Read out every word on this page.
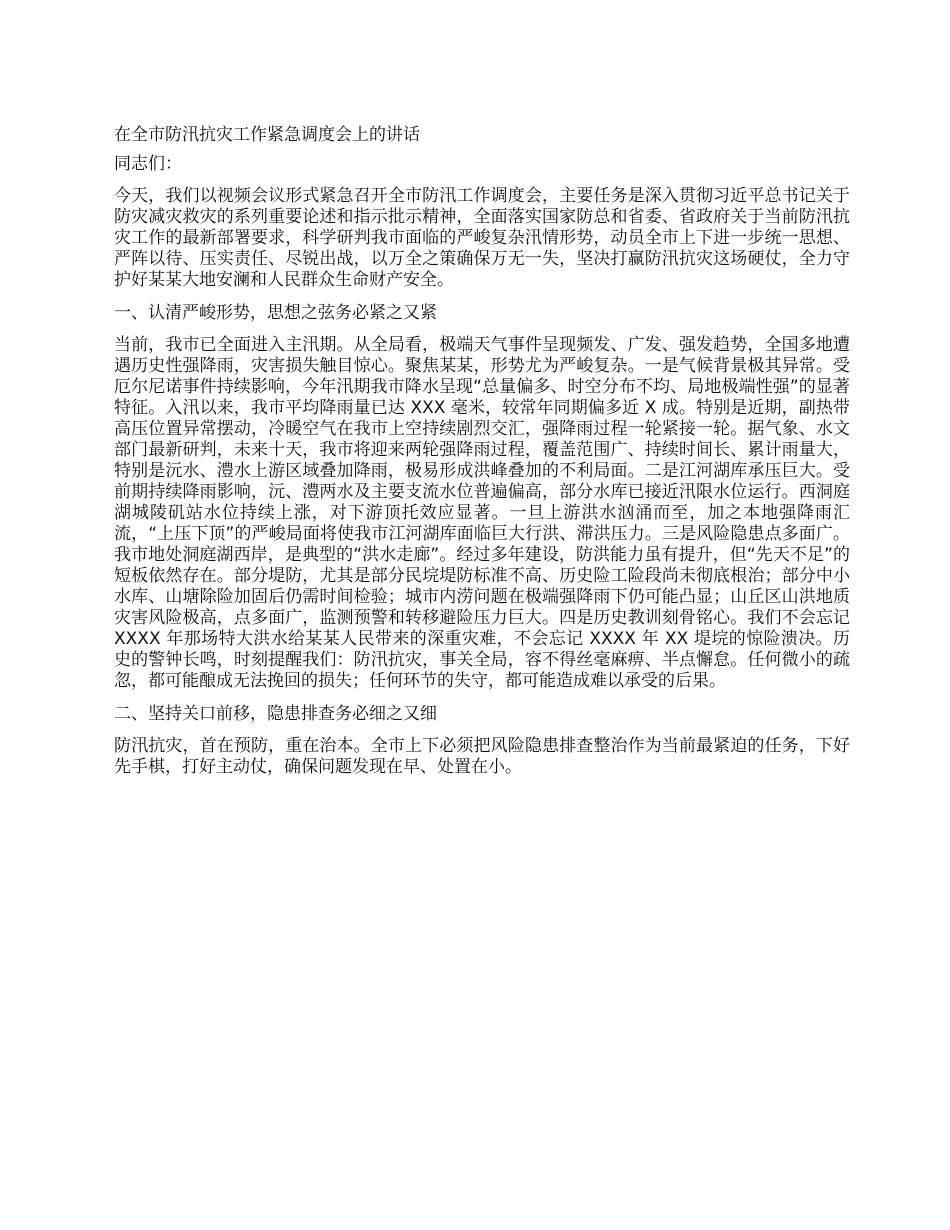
在全市防汛抗灾工作紧急调度会上的讲话
同志们：
今天，我们以视频会议形式紧急召开全市防汛工作调度会，主要任务是深入贯彻习近平总书记关于防灾减灾救灾的系列重要论述和指示批示精神，全面落实国家防总和省委、省政府关于当前防汛抗灾工作的最新部署要求，科学研判我市面临的严峻复杂汛情形势，动员全市上下进一步统一思想、严阵以待、压实责任、尽锐出战，以万全之策确保万无一失，坚决打赢防汛抗灾这场硬仗，全力守护好某某大地安澜和人民群众生命财产安全。
一、认清严峻形势，思想之弦务必紧之又紧
当前，我市已全面进入主汛期。从全局看，极端天气事件呈现频发、广发、强发趋势，全国多地遭遇历史性强降雨，灾害损失触目惊心。聚焦某某，形势尤为严峻复杂。一是气候背景极其异常。受厄尔尼诺事件持续影响，今年汛期我市降水呈现“总量偏多、时空分布不均、局地极端性强”的显著特征。入汛以来，我市平均降雨量已达 XXX 毫米，较常年同期偏多近 X 成。特别是近期，副热带高压位置异常摆动，冷暖空气在我市上空持续剧烈交汇，强降雨过程一轮紧接一轮。据气象、水文部门最新研判，未来十天，我市将迎来两轮强降雨过程，覆盖范围广、持续时间长、累计雨量大，特别是沅水、澧水上游区域叠加降雨，极易形成洪峰叠加的不利局面。二是江河湖库承压巨大。受前期持续降雨影响，沅、澧两水及主要支流水位普遍偏高，部分水库已接近汛限水位运行。西洞庭湖城陵矶站水位持续上涨，对下游顶托效应显著。一旦上游洪水汹涌而至，加之本地强降雨汇流，“上压下顶”的严峻局面将使我市江河湖库面临巨大行洪、滞洪压力。三是风险隐患点多面广。我市地处洞庭湖西岸，是典型的“洪水走廊”。经过多年建设，防洪能力虽有提升，但“先天不足”的短板依然存在。部分堤防，尤其是部分民垸堤防标准不高、历史险工险段尚未彻底根治；部分中小水库、山塘除险加固后仍需时间检验；城市内涝问题在极端强降雨下仍可能凸显；山丘区山洪地质灾害风险极高，点多面广，监测预警和转移避险压力巨大。四是历史教训刻骨铭心。我们不会忘记 XXXX 年那场特大洪水给某某人民带来的深重灾难，不会忘记 XXXX 年 XX 堤垸的惊险溃决。历史的警钟长鸣，时刻提醒我们：防汛抗灾，事关全局，容不得丝毫麻痹、半点懈怠。任何微小的疏忽，都可能酿成无法挽回的损失；任何环节的失守，都可能造成难以承受的后果。
二、坚持关口前移，隐患排查务必细之又细
防汛抗灾，首在预防，重在治本。全市上下必须把风险隐患排查整治作为当前最紧迫的任务，下好先手棋，打好主动仗，确保问题发现在早、处置在小。
